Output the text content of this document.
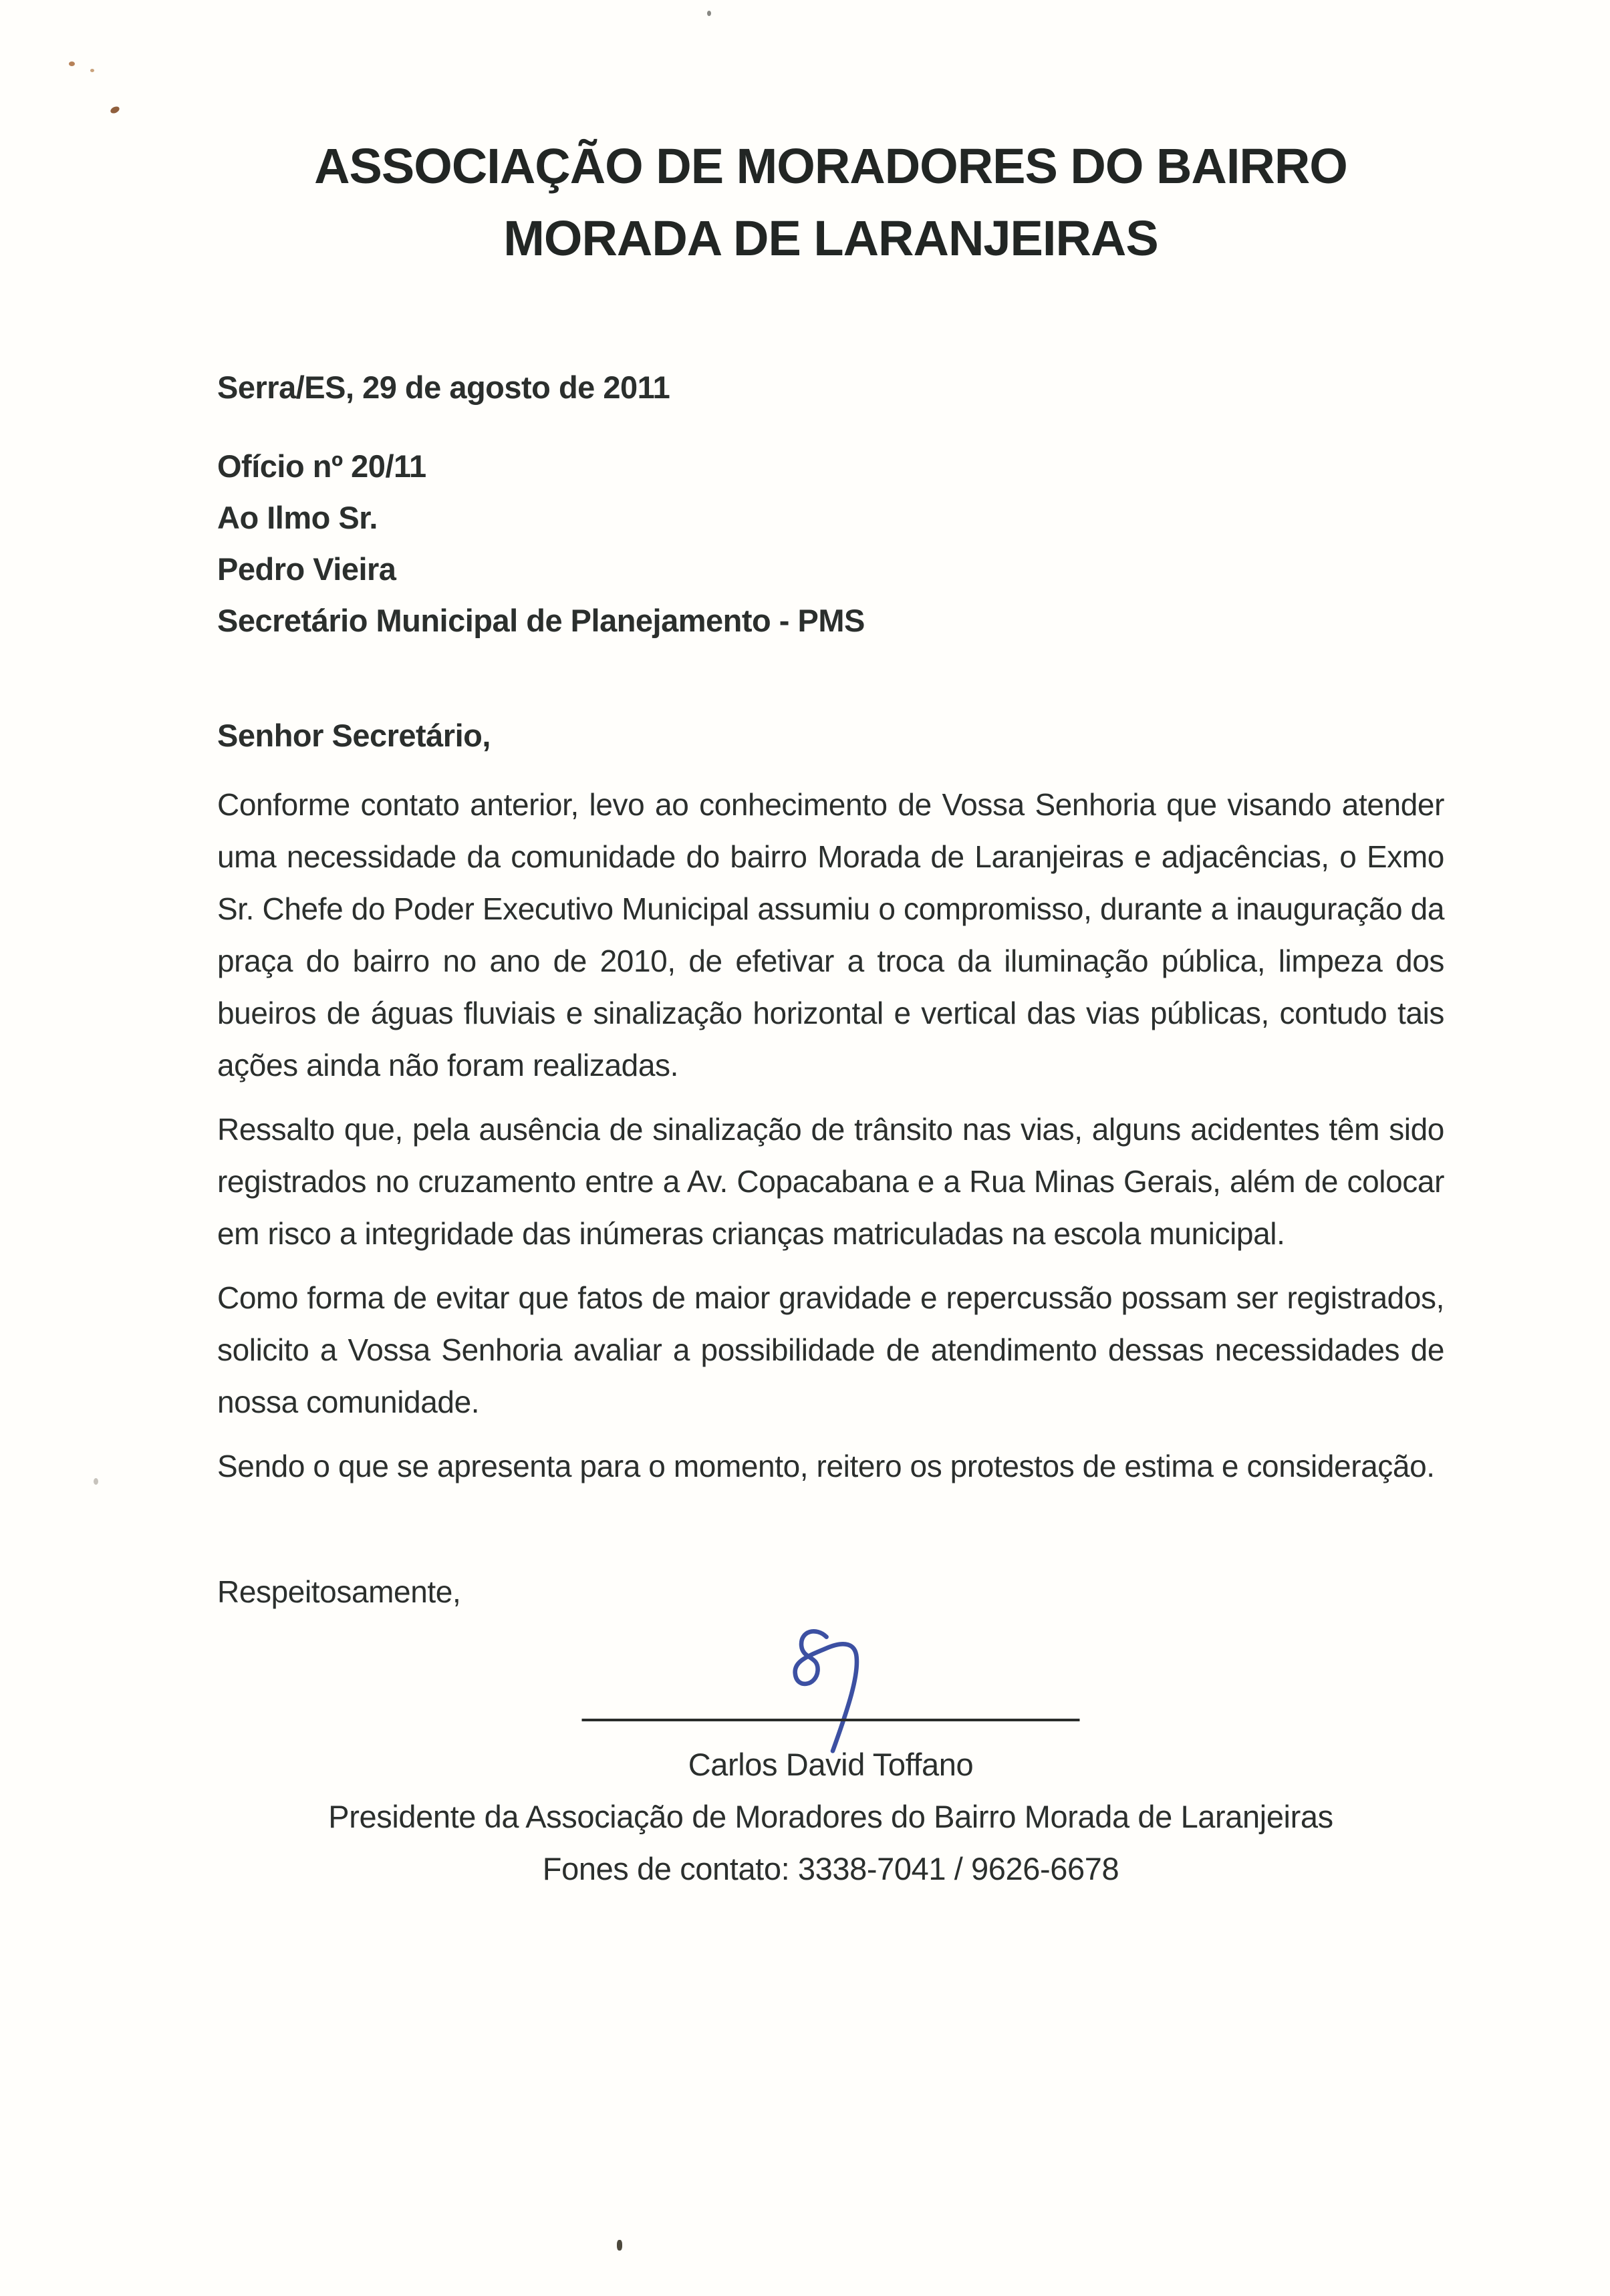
ASSOCIAÇÃO DE MORADORES DO BAIRRO
MORADA DE LARANJEIRAS
Serra/ES, 29 de agosto de 2011
Ofício nº 20/11
Ao Ilmo Sr.
Pedro Vieira
Secretário Municipal de Planejamento - PMS
Senhor Secretário,

Conforme contato anterior, levo ao conhecimento de Vossa Senhoria que visando atender uma necessidade da comunidade do bairro Morada de Laranjeiras e adjacências, o Exmo Sr. Chefe do Poder Executivo Municipal assumiu o compromisso, durante a inauguração da praça do bairro no ano de 2010, de efetivar a troca da iluminação pública, limpeza dos bueiros de águas fluviais e sinalização horizontal e vertical das vias públicas, contudo tais ações ainda não foram realizadas.

Ressalto que, pela ausência de sinalização de trânsito nas vias, alguns acidentes têm sido registrados no cruzamento entre a Av. Copacabana e a Rua Minas Gerais, além de colocar em risco a integridade das inúmeras crianças matriculadas na escola municipal.

Como forma de evitar que fatos de maior gravidade e repercussão possam ser registrados, solicito a Vossa Senhoria avaliar a possibilidade de atendimento dessas necessidades de nossa comunidade.

Sendo o que se apresenta para o momento, reitero os protestos de estima e consideração.

Respeitosamente,
Carlos David Toffano
Presidente da Associação de Moradores do Bairro Morada de Laranjeiras
Fones de contato: 3338-7041 / 9626-6678
